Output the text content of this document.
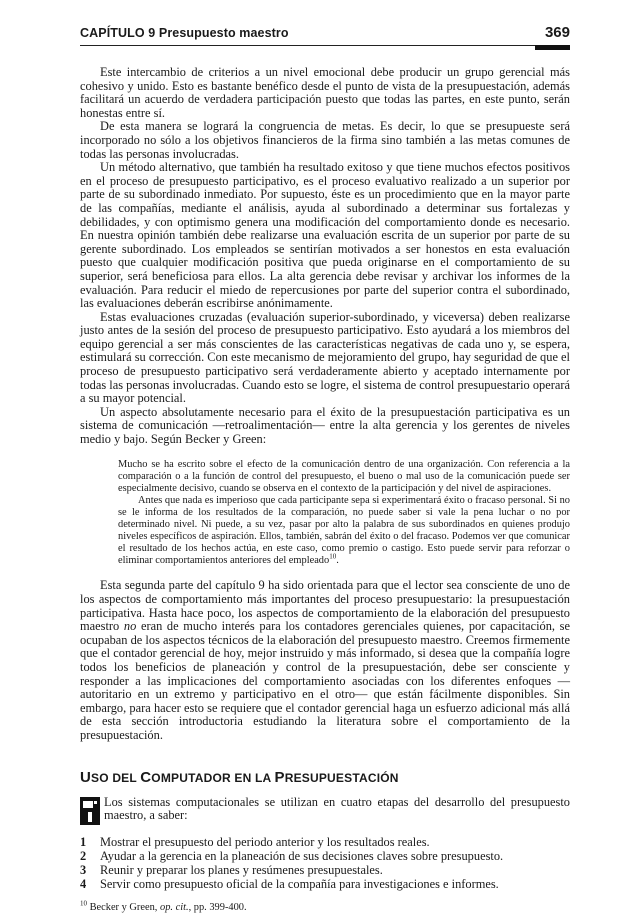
CAPÍTULO 9 Presupuesto maestro	369

Este intercambio de criterios a un nivel emocional debe producir un grupo gerencial más cohesivo y unido. Esto es bastante benéfico desde el punto de vista de la presupuestación, además facilitará un acuerdo de verdadera participación puesto que todas las partes, en este punto, serán honestas entre sí.

De esta manera se logrará la congruencia de metas. Es decir, lo que se presupueste será incorporado no sólo a los objetivos financieros de la firma sino también a las metas comunes de todas las personas involucradas.

Un método alternativo, que también ha resultado exitoso y que tiene muchos efectos positivos en el proceso de presupuesto participativo, es el proceso evaluativo realizado a un superior por parte de su subordinado inmediato. Por supuesto, éste es un procedimiento que en la mayor parte de las compañías, mediante el análisis, ayuda al subordinado a determinar sus fortalezas y debilidades, y con optimismo genera una modificación del comportamiento donde es necesario. En nuestra opinión también debe realizarse una evaluación escrita de un superior por parte de su gerente subordinado. Los empleados se sentirían motivados a ser honestos en esta evaluación puesto que cualquier modificación positiva que pueda originarse en el comportamiento de su superior, será beneficiosa para ellos. La alta gerencia debe revisar y archivar los informes de la evaluación. Para reducir el miedo de repercusiones por parte del superior contra el subordinado, las evaluaciones deberán escribirse anónimamente.

Estas evaluaciones cruzadas (evaluación superior-subordinado, y viceversa) deben realizarse justo antes de la sesión del proceso de presupuesto participativo. Esto ayudará a los miembros del equipo gerencial a ser más conscientes de las características negativas de cada uno y, se espera, estimulará su corrección. Con este mecanismo de mejoramiento del grupo, hay seguridad de que el proceso de presupuesto participativo será verdaderamente abierto y aceptado internamente por todas las personas involucradas. Cuando esto se logre, el sistema de control presupuestario operará a su mayor potencial.

Un aspecto absolutamente necesario para el éxito de la presupuestación participativa es un sistema de comunicación —retroalimentación— entre la alta gerencia y los gerentes de niveles medio y bajo. Según Becker y Green:

Mucho se ha escrito sobre el efecto de la comunicación dentro de una organización. Con referencia a la comparación o a la función de control del presupuesto, el bueno o mal uso de la comunicación puede ser especialmente decisivo, cuando se observa en el contexto de la participación y del nivel de aspiraciones.

Antes que nada es imperioso que cada participante sepa si experimentará éxito o fracaso personal. Si no se le informa de los resultados de la comparación, no puede saber si vale la pena luchar o no por determinado nivel. Ni puede, a su vez, pasar por alto la palabra de sus subordinados en quienes produjo niveles específicos de aspiración. Ellos, también, sabrán del éxito o del fracaso. Podemos ver que comunicar el resultado de los hechos actúa, en este caso, como premio o castigo. Esto puede servir para reforzar o eliminar comportamientos anteriores del empleado$^{10}$.

Esta segunda parte del capítulo 9 ha sido orientada para que el lector sea consciente de uno de los aspectos de comportamiento más importantes del proceso presupuestario: la presupuestación participativa. Hasta hace poco, los aspectos de comportamiento de la elaboración del presupuesto maestro no eran de mucho interés para los contadores gerenciales quienes, por capacitación, se ocupaban de los aspectos técnicos de la elaboración del presupuesto maestro. Creemos firmemente que el contador gerencial de hoy, mejor instruido y más informado, si desea que la compañía logre todos los beneficios de planeación y control de la presupuestación, debe ser consciente y responder a las implicaciones del comportamiento asociadas con los diferentes enfoques —autoritario en un extremo y participativo en el otro— que están fácilmente disponibles. Sin embargo, para hacer esto se requiere que el contador gerencial haga un esfuerzo adicional más allá de esta sección introductoria estudiando la literatura sobre el comportamiento de la presupuestación.

USO DEL COMPUTADOR EN LA PRESUPUESTACIÓN

Los sistemas computacionales se utilizan en cuatro etapas del desarrollo del presupuesto maestro, a saber:

1	Mostrar el presupuesto del periodo anterior y los resultados reales.
2	Ayudar a la gerencia en la planeación de sus decisiones claves sobre presupuesto.
3	Reunir y preparar los planes y resúmenes presupuestales.
4	Servir como presupuesto oficial de la compañía para investigaciones e informes.
$^{10}$ Becker y Green, op. cit., pp. 399-400.
